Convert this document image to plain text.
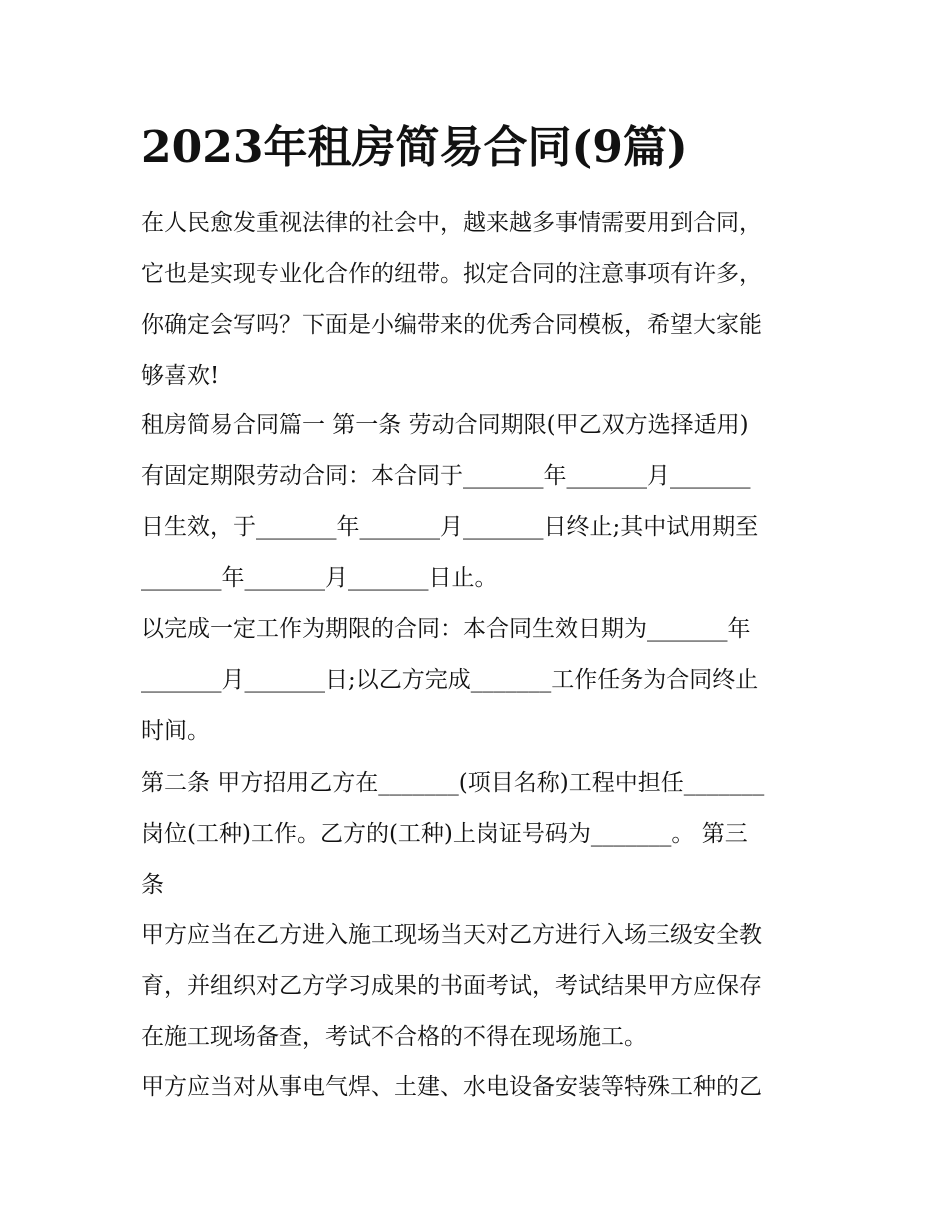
2023年租房简易合同(9篇)

在人民愈发重视法律的社会中，越来越多事情需要用到合同，
它也是实现专业化合作的纽带。拟定合同的注意事项有许多，
你确定会写吗？下面是小编带来的优秀合同模板，希望大家能
够喜欢!

租房简易合同篇一 第一条 劳动合同期限(甲乙双方选择适用)

有固定期限劳动合同：本合同于_______年_______月_______
日生效，于_______年_______月_______日终止;其中试用期至
_______年_______月_______日止。

以完成一定工作为期限的合同：本合同生效日期为_______年
_______月_______日;以乙方完成_______工作任务为合同终止
时间。

第二条 甲方招用乙方在_______(项目名称)工程中担任_______
岗位(工种)工作。乙方的(工种)上岗证号码为_______。 第三
条

甲方应当在乙方进入施工现场当天对乙方进行入场三级安全教
育，并组织对乙方学习成果的书面考试，考试结果甲方应保存
在施工现场备查，考试不合格的不得在现场施工。

甲方应当对从事电气焊、土建、水电设备安装等特殊工种的乙
